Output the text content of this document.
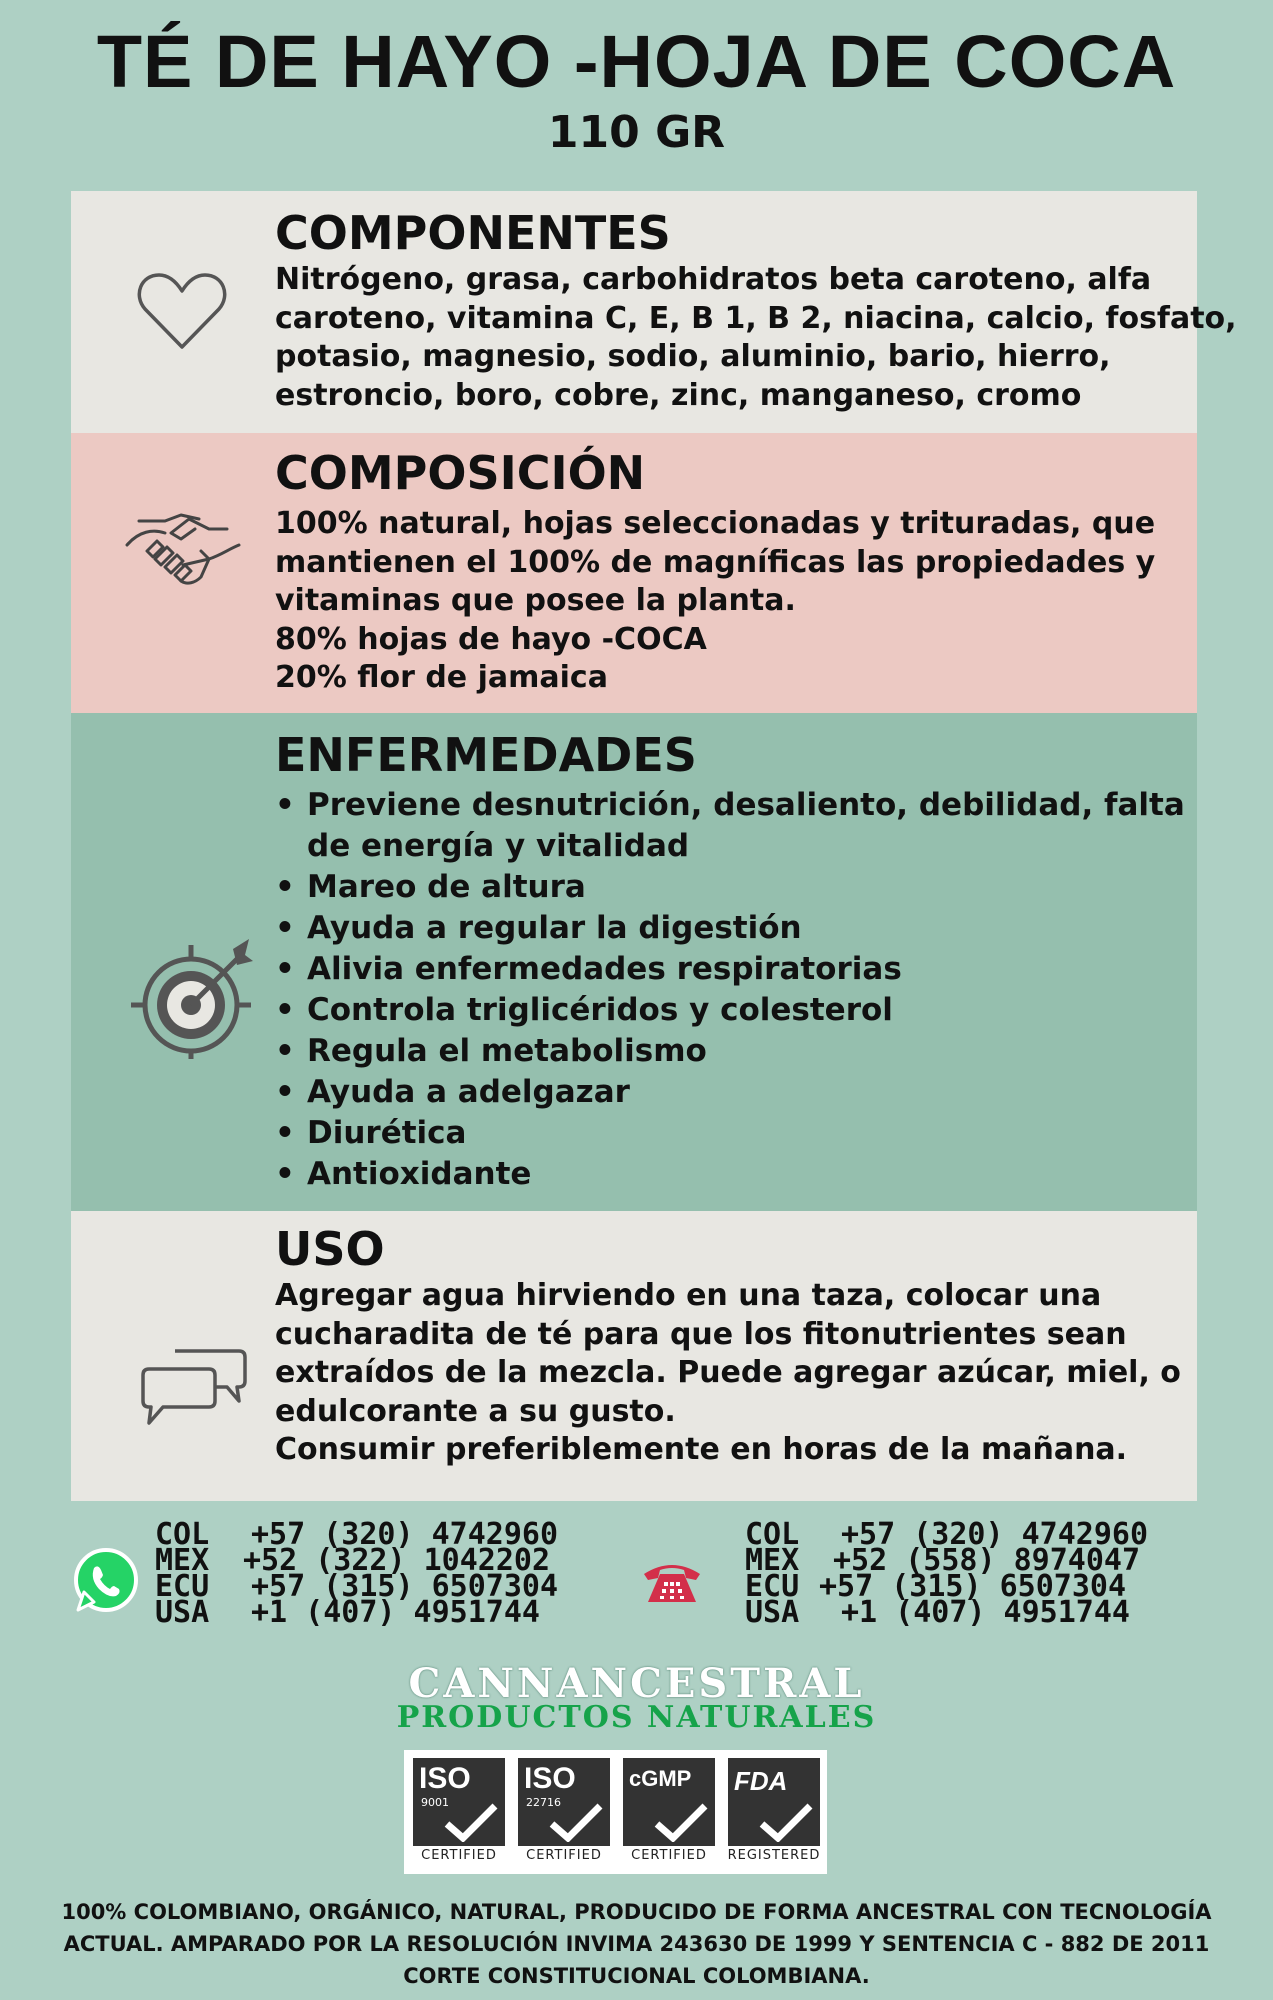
TÉ DE HAYO -HOJA DE COCA
110 GR
COMPONENTES
Nitrógeno, grasa, carbohidratos beta caroteno, alfa
caroteno, vitamina C, E, B 1, B 2, niacina, calcio, fosfato,
potasio, magnesio, sodio, aluminio, bario, hierro,
estroncio, boro, cobre, zinc, manganeso, cromo
COMPOSICIÓN
100% natural, hojas seleccionadas y trituradas, que
mantienen el 100% de magníficas las propiedades y
vitaminas que posee la planta.
80% hojas de hayo -COCA
20% flor de jamaica
ENFERMEDADES
• Previene desnutrición, desaliento, debilidad, falta de energía y vitalidad
• Mareo de altura
• Ayuda a regular la digestión
• Alivia enfermedades respiratorias
• Controla triglicéridos y colesterol
• Regula el metabolismo
• Ayuda a adelgazar
• Diurética
• Antioxidante
USO
Agregar agua hirviendo en una taza, colocar una
cucharadita de té para que los fitonutrientes sean
extraídos de la mezcla. Puede agregar azúcar, miel, o
edulcorante a su gusto.
Consumir preferiblemente en horas de la mañana.
COL +57 (320) 4742960
MEX +52 (322) 1042202
ECU +57 (315) 6507304
USA +1 (407) 4951744
COL +57 (320) 4742960
MEX +52 (558) 8974047
ECU +57 (315) 6507304
USA +1 (407) 4951744
CANNANCESTRAL
PRODUCTOS NATURALES
ISO
9001
CERTIFIED
ISO
22716
CERTIFIED
cGMP
CERTIFIED
FDA
REGISTERED
100% COLOMBIANO, ORGÁNICO, NATURAL, PRODUCIDO DE FORMA ANCESTRAL CON TECNOLOGÍA
ACTUAL. AMPARADO POR LA RESOLUCIÓN INVIMA 243630 DE 1999 Y SENTENCIA C - 882 DE 2011
CORTE CONSTITUCIONAL COLOMBIANA.
